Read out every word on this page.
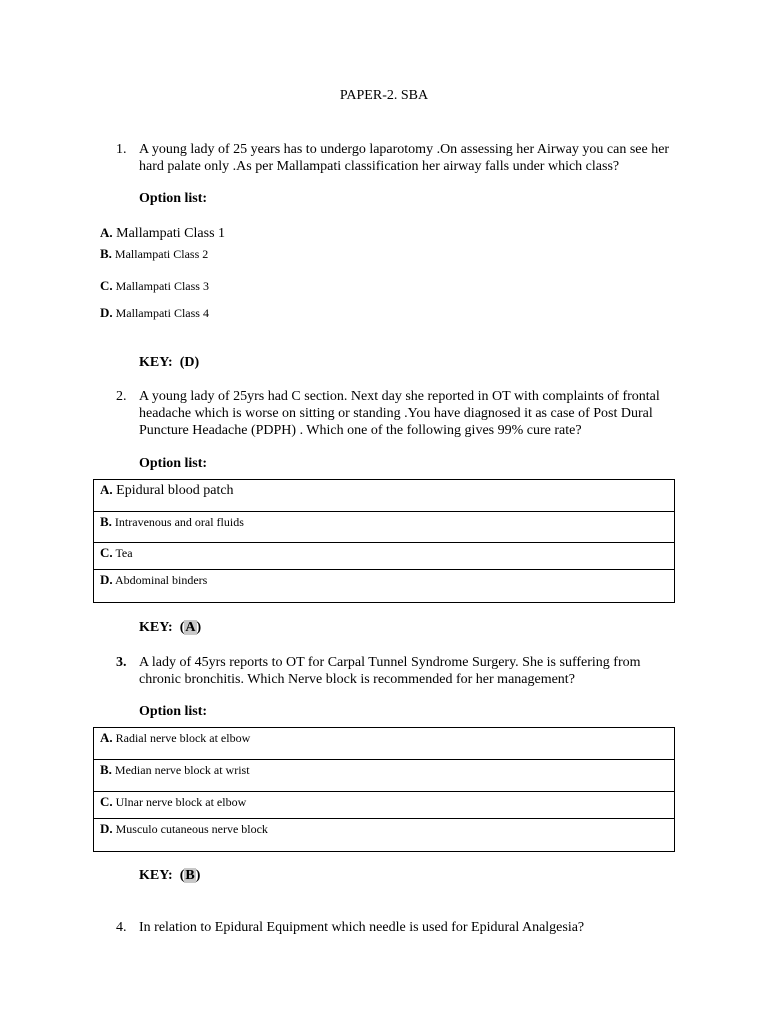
PAPER-2. SBA
1. A young lady of 25 years has to undergo laparotomy .On assessing her Airway you can see her hard palate only .As per Mallampati classification her airway falls under which class?
Option list:
A. Mallampati Class 1
B. Mallampati Class 2
C. Mallampati Class 3
D. Mallampati Class 4
KEY: (D)
2. A young lady of 25yrs had C section. Next day she reported in OT with complaints of frontal headache which is worse on sitting or standing .You have diagnosed it as case of Post Dural Puncture Headache (PDPH) . Which one of the following gives 99% cure rate?
Option list:
A. Epidural blood patch
B. Intravenous and oral fluids
C. Tea
D. Abdominal binders
KEY: (A)
3. A lady of 45yrs reports to OT for Carpal Tunnel Syndrome Surgery. She is suffering from chronic bronchitis. Which Nerve block is recommended for her management?
Option list:
A. Radial nerve block at elbow
B. Median nerve block at wrist
C. Ulnar nerve block at elbow
D. Musculo cutaneous nerve block
KEY: (B)
4. In relation to Epidural Equipment which needle is used for Epidural Analgesia?
